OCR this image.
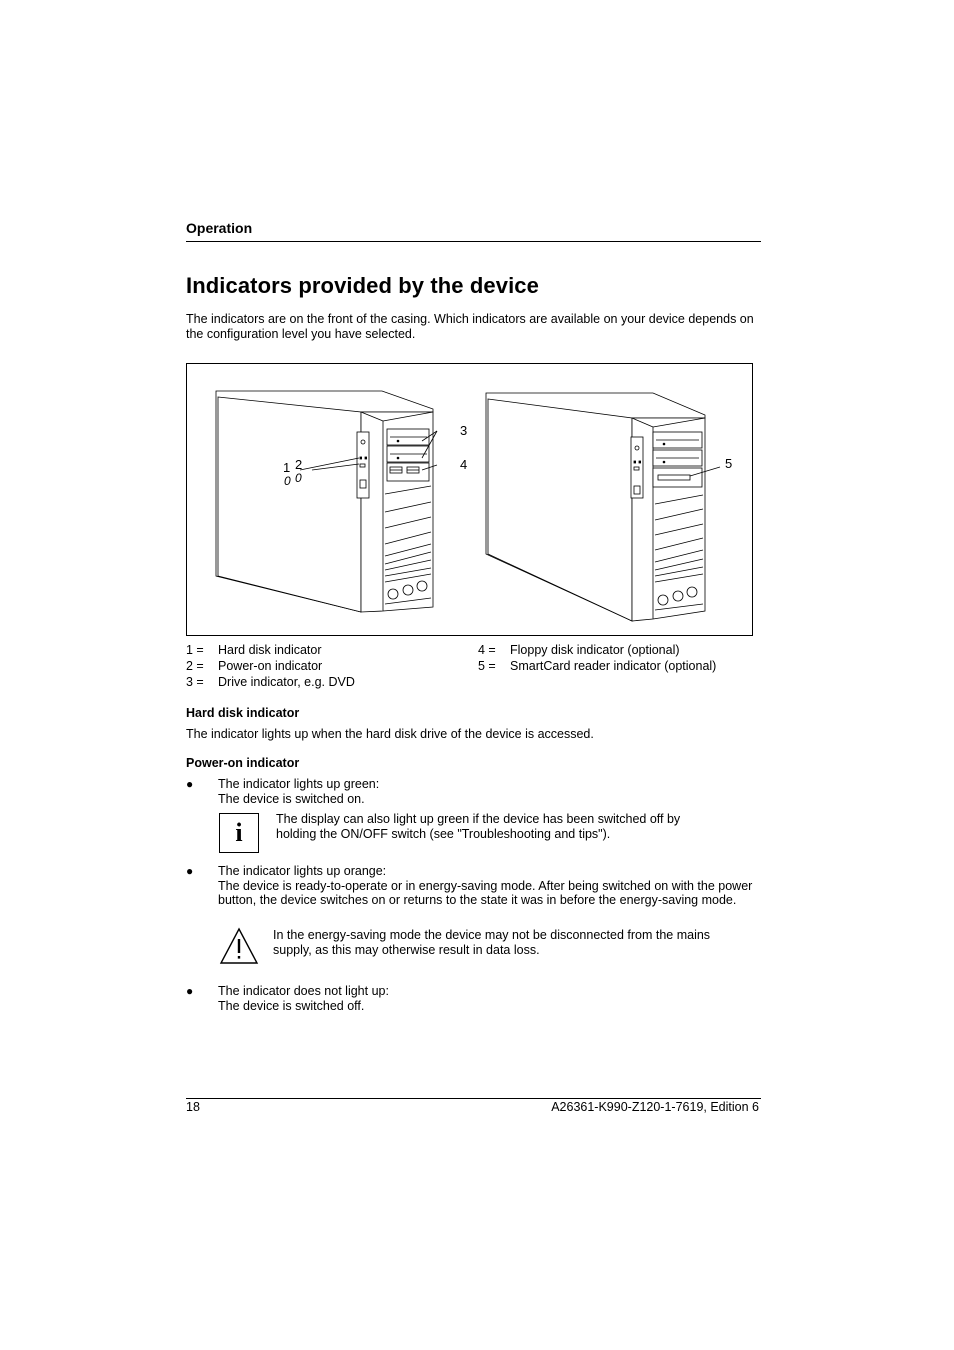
Operation
Indicators provided by the device
The indicators are on the front of the casing. Which indicators are available on your device depends on the configuration level you have selected.
1 2
3
4	5
0 0
1 = Hard disk indicator
2 = Power-on indicator
3 = Drive indicator, e.g. DVD
4 = Floppy disk indicator (optional)
5 = SmartCard reader indicator (optional)
Hard disk indicator
The indicator lights up when the hard disk drive of the device is accessed.
Power-on indicator
● The indicator lights up green:
The device is switched on.
i	The display can also light up green if the device has been switched off by holding the ON/OFF switch (see "Troubleshooting and tips").
● The indicator lights up orange:
The device is ready-to-operate or in energy-saving mode. After being switched on with the power button, the device switches on or returns to the state it was in before the energy-saving mode.
In the energy-saving mode the device may not be disconnected from the mains supply, as this may otherwise result in data loss.
● The indicator does not light up:
The device is switched off.
18	A26361-K990-Z120-1-7619, Edition 6
